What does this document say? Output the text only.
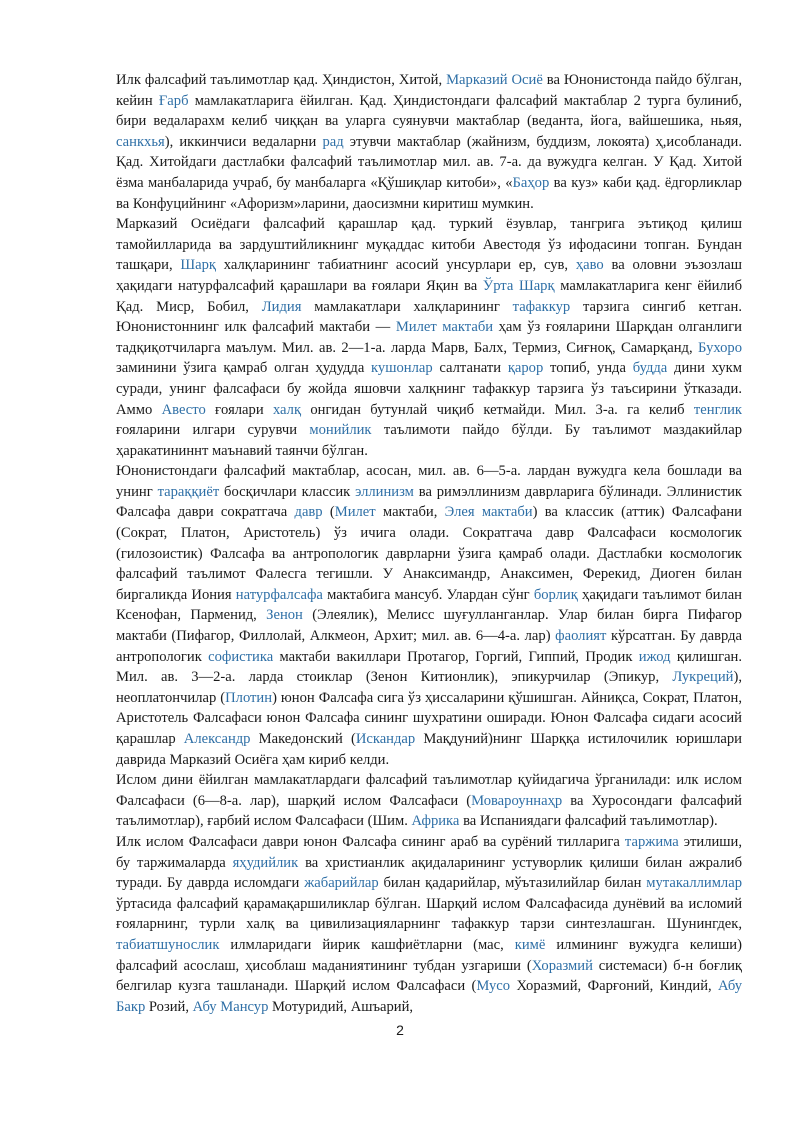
Илк фалсафий таълимотлар қад. Ҳиндистон, Хитой, Марказий Осиё ва Юнонистонда пайдо бўлган, кейин Ғарб мамлакатларига ёйилган. Қад. Ҳиндистондаги фалсафий мактаблар 2 турга булиниб, бири ведаларахм келиб чиққан ва уларга суянувчи мактаблар (веданта, йога, вайшешика, ньяя, санкхья), иккинчиси ведаларни рад этувчи мактаблар (жайнизм, буддизм, локоята) ҳ,исобланади. Қад. Хитойдаги дастлабки фалсафий таълимотлар мил. ав. 7-а. да вужудга келган. У Қад. Хитой ёзма манбаларида учраб, бу манбаларга «Қўшиқлар китоби», «Баҳор ва куз» каби қад. ёдгорликлар ва Конфуцийнинг «Афоризм»ларини, даосизмни киритиш мумкин.

Марказий Осиёдаги фалсафий қарашлар қад. туркий ёзувлар, тангрига эътиқод қилиш тамойилларида ва зардуштийликнинг муқаддас китоби Авестодя ўз ифодасини топган. Бундан ташқари, Шарқ халқларининг табиатнинг асосий унсурлари ер, сув, ҳаво ва оловни эъзозлаш ҳақидаги натурфалсафий қарашлари ва ғоялари Яқин ва Ўрта Шарқ мамлакатларига кенг ёйилиб Қад. Миср, Бобил, Лидия мамлакатлари халқларининг тафаккур тарзига сингиб кетган. Юнонистоннинг илк фалсафий мактаби — Милет мактаби ҳам ўз ғояларини Шарқдан олганлиги тадқиқотчиларга маълум. Мил. ав. 2—1-а. ларда Марв, Балх, Термиз, Сиғноқ, Самарқанд, Бухоро заминини ўзига қамраб олган ҳудудда кушонлар салтанати қарор топиб, унда будда дини хукм суради, унинг фалсафаси бу жойда яшовчи халқнинг тафаккур тарзига ўз таъсирини ўтказади. Аммо Авесто ғоялари халқ онгидан бутунлай чиқиб кетмайди. Мил. 3-а. га келиб тенглик ғояларини илгари сурувчи монийлик таълимоти пайдо бўлди. Бу таълимот маздакийлар ҳаракатининнт маънавий таянчи бўлган.

Юнонистондаги фалсафий мактаблар, асосан, мил. ав. 6—5-а. лардан вужудга кела бошлади ва унинг тараққиёт босқичлари классик эллинизм ва римэллинизм даврларига бўлинади. Эллинистик Фалсафа даври сократгача давр (Милет мактаби, Элея мактаби) ва классик (аттик) Фалсафани (Сократ, Платон, Аристотель) ўз ичига олади. Сократгача давр Фалсафаси космологик (гилозоистик) Фалсафа ва антропологик даврларни ўзига қамраб олади. Дастлабки космологик фалсафий таълимот Фалесга тегишли. У Анаксимандр, Анаксимен, Ферекид, Диоген билан биргаликда Иония натурфалсафа мактабига мансуб. Улардан сўнг борлиқ ҳақидаги таълимот билан Ксенофан, Парменид, Зенон (Элеялик), Мелисс шуғулланганлар. Улар билан бирга Пифагор мактаби (Пифагор, Филлолай, Алкмеон, Архит; мил. ав. 6—4-а. лар) фаолият кўрсатган. Бу даврда антропологик софистика мактаби вакиллари Протагор, Горгий, Гиппий, Продик ижод қилишган. Мил. ав. 3—2-а. ларда стоиклар (Зенон Китионлик), эпикурчилар (Эпикур, Лукреций), неоплатончилар (Плотин) юнон Фалсафа сига ўз ҳиссаларини қўшишган. Айниқса, Сократ, Платон, Аристотель Фалсафаси юнон Фалсафа сининг шухратини оширади. Юнон Фалсафа сидаги асосий қарашлар Александр Македонский (Искандар Мақдуний)нинг Шарққа истилочилик юришлари даврида Марказий Осиёга ҳам кириб келди.

Ислом дини ёйилган мамлакатлардаги фалсафий таълимотлар қуйидагича ўрганилади: илк ислом Фалсафаси (6—8-а. лар), шарқий ислом Фалсафаси (Мовароуннаҳр ва Хуросондаги фалсафий таълимотлар), ғарбий ислом Фалсафаси (Шим. Африка ва Испаниядаги фалсафий таълимотлар).

Илк ислом Фалсафаси даври юнон Фалсафа сининг араб ва сурёний тилларига таржима этилиши, бу таржималарда яҳудийлик ва христианлик ақидаларининг устуворлик қилиши билан ажралиб туради. Бу даврда исломдаги жабарийлар билан қадарийлар, мўътазилийлар билан мутакаллимлар ўртасида фалсафий қарамақаршиликлар бўлган. Шарқий ислом Фалсафасида дунёвий ва исломий ғояларнинг, турли халқ ва цивилизацияларнинг тафаккур тарзи синтезлашган. Шунингдек, табиатшунослик илмларидаги йирик кашфиётларни (мас, кимё илмининг вужудга келиши) фалсафий асослаш, ҳисоблаш маданиятининг тубдан узгариши (Хоразмий системаси) б-н боғлиқ белгилар кузга ташланади. Шарқий ислом Фалсафаси (Мусо Хоразмий, Фарғоний, Киндий, Абу Бакр Розий, Абу Мансур Мотуридий, Ашъарий,

2
